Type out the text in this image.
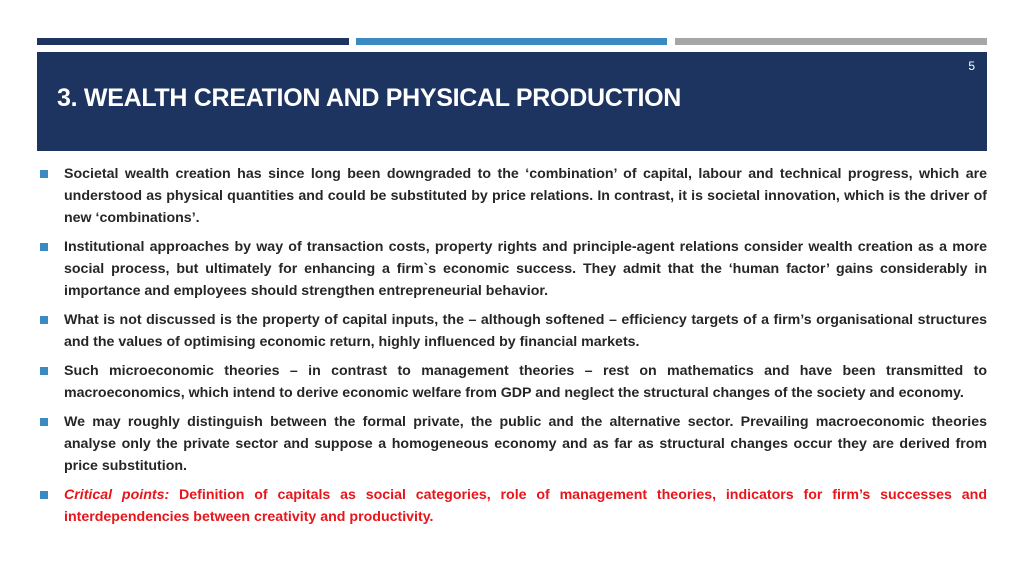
5
3. WEALTH CREATION AND PHYSICAL PRODUCTION
Societal wealth creation has since long been downgraded to the ‘combination’ of capital, labour and technical progress, which are understood as physical quantities and could be substituted by price relations. In contrast, it is societal innovation, which is the driver of new ‘combinations’.
Institutional approaches by way of transaction costs, property rights and principle-agent relations consider wealth creation as a more social process, but ultimately for enhancing a firm`s economic success. They admit that the ‘human factor’ gains considerably in importance and employees should strengthen entrepreneurial behavior.
What is not discussed is the property of capital inputs, the – although softened – efficiency targets of a firm’s organisational structures and the values of optimising economic return, highly influenced by financial markets.
Such microeconomic theories – in contrast to management theories – rest on mathematics and have been transmitted to macroeconomics, which intend to derive economic welfare from GDP and neglect the structural changes of the society and economy.
We may roughly distinguish between the formal private, the public and the alternative sector. Prevailing macroeconomic theories analyse only the private sector and suppose a homogeneous economy and as far as structural changes occur they are derived from price substitution.
Critical points: Definition of capitals as social categories, role of management theories, indicators for firm’s successes and interdependencies between creativity and productivity.
